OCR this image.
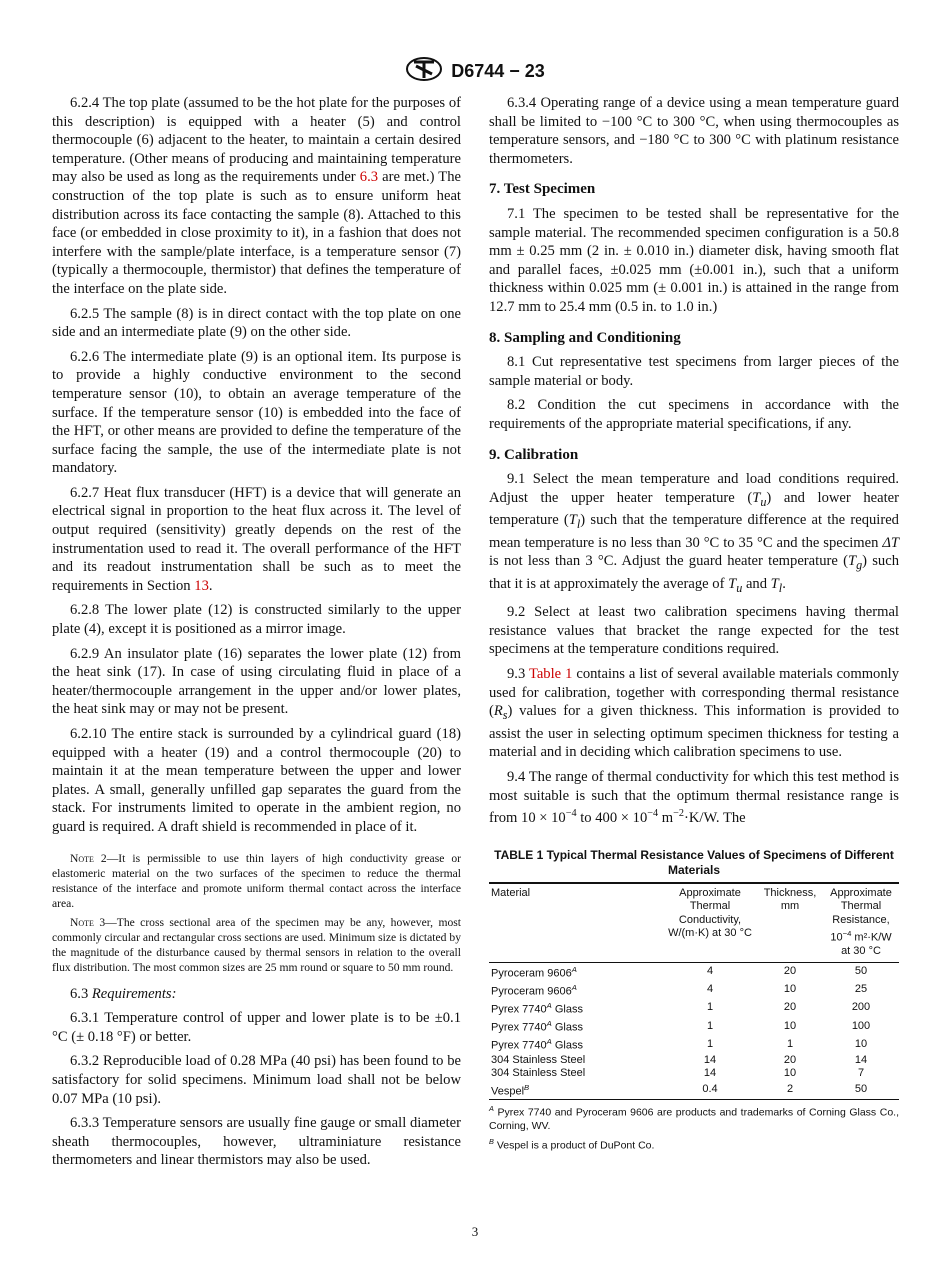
D6744 − 23

6.2.4 The top plate (assumed to be the hot plate for the purposes of this description) is equipped with a heater (5) and control thermocouple (6) adjacent to the heater, to maintain a certain desired temperature. (Other means of producing and maintaining temperature may also be used as long as the requirements under 6.3 are met.) The construction of the top plate is such as to ensure uniform heat distribution across its face contacting the sample (8). Attached to this face (or embedded in close proximity to it), in a fashion that does not interfere with the sample/plate interface, is a temperature sensor (7) (typically a thermocouple, thermistor) that defines the temperature of the interface on the plate side.

6.2.5 The sample (8) is in direct contact with the top plate on one side and an intermediate plate (9) on the other side.

6.2.6 The intermediate plate (9) is an optional item. Its purpose is to provide a highly conductive environment to the second temperature sensor (10), to obtain an average temperature of the surface. If the temperature sensor (10) is embedded into the face of the HFT, or other means are provided to define the temperature of the surface facing the sample, the use of the intermediate plate is not mandatory.

6.2.7 Heat flux transducer (HFT) is a device that will generate an electrical signal in proportion to the heat flux across it. The level of output required (sensitivity) greatly depends on the rest of the instrumentation used to read it. The overall performance of the HFT and its readout instrumentation shall be such as to meet the requirements in Section 13.

6.2.8 The lower plate (12) is constructed similarly to the upper plate (4), except it is positioned as a mirror image.

6.2.9 An insulator plate (16) separates the lower plate (12) from the heat sink (17). In case of using circulating fluid in place of a heater/thermocouple arrangement in the upper and/or lower plates, the heat sink may or may not be present.

6.2.10 The entire stack is surrounded by a cylindrical guard (18) equipped with a heater (19) and a control thermocouple (20) to maintain it at the mean temperature between the upper and lower plates. A small, generally unfilled gap separates the guard from the stack. For instruments limited to operate in the ambient region, no guard is required. A draft shield is recommended in place of it.

Note 2—It is permissible to use thin layers of high conductivity grease or elastomeric material on the two surfaces of the specimen to reduce the thermal resistance of the interface and promote uniform thermal contact across the interface area.

Note 3—The cross sectional area of the specimen may be any, however, most commonly circular and rectangular cross sections are used. Minimum size is dictated by the magnitude of the disturbance caused by thermal sensors in relation to the overall flux distribution. The most common sizes are 25 mm round or square to 50 mm round.

6.3 Requirements:

6.3.1 Temperature control of upper and lower plate is to be ±0.1 °C (± 0.18 °F) or better.

6.3.2 Reproducible load of 0.28 MPa (40 psi) has been found to be satisfactory for solid specimens. Minimum load shall not be below 0.07 MPa (10 psi).

6.3.3 Temperature sensors are usually fine gauge or small diameter sheath thermocouples, however, ultraminiature resistance thermometers and linear thermistors may also be used.

6.3.4 Operating range of a device using a mean temperature guard shall be limited to −100 °C to 300 °C, when using thermocouples as temperature sensors, and −180 °C to 300 °C with platinum resistance thermometers.

7. Test Specimen

7.1 The specimen to be tested shall be representative for the sample material. The recommended specimen configuration is a 50.8 mm ± 0.25 mm (2 in. ± 0.010 in.) diameter disk, having smooth flat and parallel faces, ±0.025 mm (±0.001 in.), such that a uniform thickness within 0.025 mm (± 0.001 in.) is attained in the range from 12.7 mm to 25.4 mm (0.5 in. to 1.0 in.)

8. Sampling and Conditioning

8.1 Cut representative test specimens from larger pieces of the sample material or body.

8.2 Condition the cut specimens in accordance with the requirements of the appropriate material specifications, if any.

9. Calibration

9.1 Select the mean temperature and load conditions required. Adjust the upper heater temperature $(T_u)$ and lower heater temperature $(T_l)$ such that the temperature difference at the required mean temperature is no less than 30 °C to 35 °C and the specimen ΔT is not less than 3 °C. Adjust the guard heater temperature $(T_g)$ such that it is at approximately the average of $T_u$ and $T_l$.

9.2 Select at least two calibration specimens having thermal resistance values that bracket the range expected for the test specimens at the temperature conditions required.

9.3 Table 1 contains a list of several available materials commonly used for calibration, together with corresponding thermal resistance $(R_s)$ values for a given thickness. This information is provided to assist the user in selecting optimum specimen thickness for testing a material and in deciding which calibration specimens to use.

9.4 The range of thermal conductivity for which this test method is most suitable is such that the optimum thermal resistance range is from $10 \times 10^{-4}$ to $400 \times 10^{-4}$ $m^{-2}\cdot K/W$. The

TABLE 1 Typical Thermal Resistance Values of Specimens of Different Materials
Material	Approximate Thermal Conductivity, W/(m·K) at 30 °C	Thickness, mm	Approximate Thermal Resistance, $10^{-4}$ m²·K/W at 30 °C
Pyroceram $9606^A$	4	20	50
Pyroceram $9606^A$	4	10	25
Pyrex $7740^A$ Glass	1	20	200
Pyrex $7740^A$ Glass	1	10	100
Pyrex $7740^A$ Glass	1	1	10
304 Stainless Steel	14	20	14
304 Stainless Steel	14	10	7
Vespel$^B$	0.4	2	50
$^A$ Pyrex 7740 and Pyroceram 9606 are products and trademarks of Corning Glass Co., Corning, WV.
$^B$ Vespel is a product of DuPont Co.
3
